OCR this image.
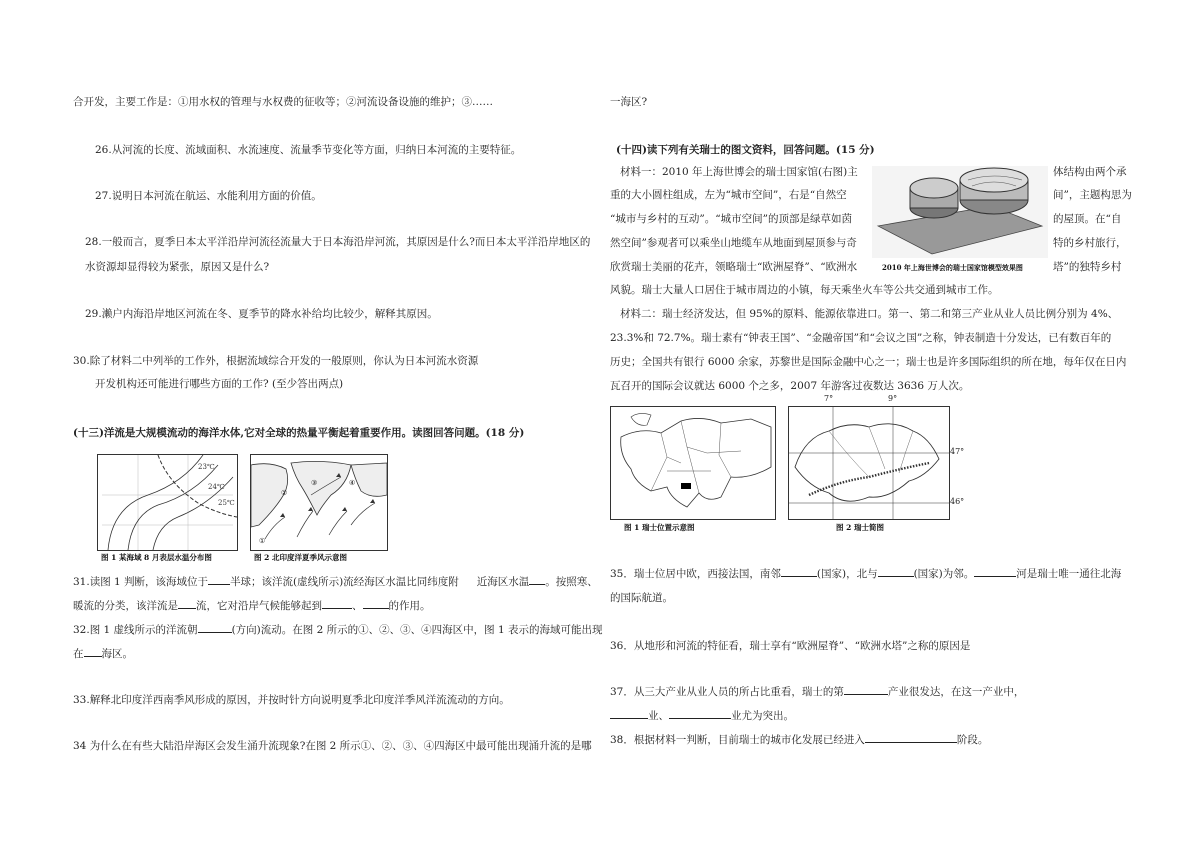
合开发，主要工作是：①用水权的管理与水权费的征收等；②河流设备设施的维护；③……
26.从河流的长度、流域面积、水流速度、流量季节变化等方面，归纳日本河流的主要特征。
27.说明日本河流在航运、水能利用方面的价值。
28.一般而言，夏季日本太平洋沿岸河流径流量大于日本海沿岸河流，其原因是什么?而日本太平洋沿岸地区的
水资源却显得较为紧张，原因又是什么?
29.濑户内海沿岸地区河流在冬、夏季节的降水补给均比较少，解释其原因。
30.除了材料二中列举的工作外，根据流域综合开发的一般原则，你认为日本河流水资源
开发机构还可能进行哪些方面的工作? (至少答出两点)
(十三)洋流是大规模流动的海洋水体,它对全球的热量平衡起着重要作用。读图回答问题。(18 分)
23℃
24℃
25℃
图 1 某海域 8 月表层水温分布图
②
③	④
①
图 2 北印度洋夏季风示意图
31.读图 1 判断，该海域位于 半球；该洋流(虚线所示)流经海区水温比同纬度附 近海区水温 。按照寒、
暖流的分类，该洋流是 流，它对沿岸气候能够起到	、 的作用。
32.图 1 虚线所示的洋流朝	(方向)流动。在图 2 所示的①、②、③、④四海区中，图 1 表示的海域可能出现
在 海区。
33.解释北印度洋西南季风形成的原因，并按时针方向说明夏季北印度洋季风洋流流动的方向。
34 为什么在有些大陆沿岸海区会发生涌升流现象?在图 2 所示①、②、③、④四海区中最可能出现涌升流的是哪
一海区?
(十四)读下列有关瑞士的图文资料，回答问题。(15 分)
材料一：2010 年上海世博会的瑞士国家馆(右图)主	体结构由两个承
重的大小圆柱组成，左为“城市空间”，右是“自然空	间”，主题构思为
“城市与乡村的互动”。“城市空间”的顶部是绿草如茵	的屋顶。在“自
然空间”参观者可以乘坐山地缆车从地面到屋顶参与奇	特的乡村旅行，
欣赏瑞士美丽的花卉，领略瑞士“欧洲屋脊”、“欧洲水	塔”的独特乡村
2010 年上海世博会的瑞士国家馆模型效果图
风貌。瑞士大量人口居住于城市周边的小镇，每天乘坐火车等公共交通到城市工作。
材料二：瑞士经济发达，但 95%的原料、能源依靠进口。第一、第二和第三产业从业人员比例分别为 4%、
23.3%和 72.7%。瑞士素有“钟表王国”、“金融帝国”和“会议之国”之称，钟表制造十分发达，已有数百年的
历史；全国共有银行 6000 余家，苏黎世是国际金融中心之一；瑞士也是许多国际组织的所在地，每年仅在日内
瓦召开的国际会议就达 6000 个之多，2007 年游客过夜数达 3636 万人次。
图 1 瑞士位置示意图
7°	9°
47°
46°
图 2 瑞士简图
35．瑞士位居中欧，西接法国，南邻	(国家)，北与	(国家)为邻。	河是瑞士唯一通往北海
的国际航道。
36．从地形和河流的特征看，瑞士享有“欧洲屋脊”、“欧洲水塔”之称的原因是
37．从三大产业从业人员的所占比重看，瑞士的第	产业很发达，在这一产业中，
业、	业尤为突出。
38．根据材料一判断，目前瑞士的城市化发展已经进入	阶段。
